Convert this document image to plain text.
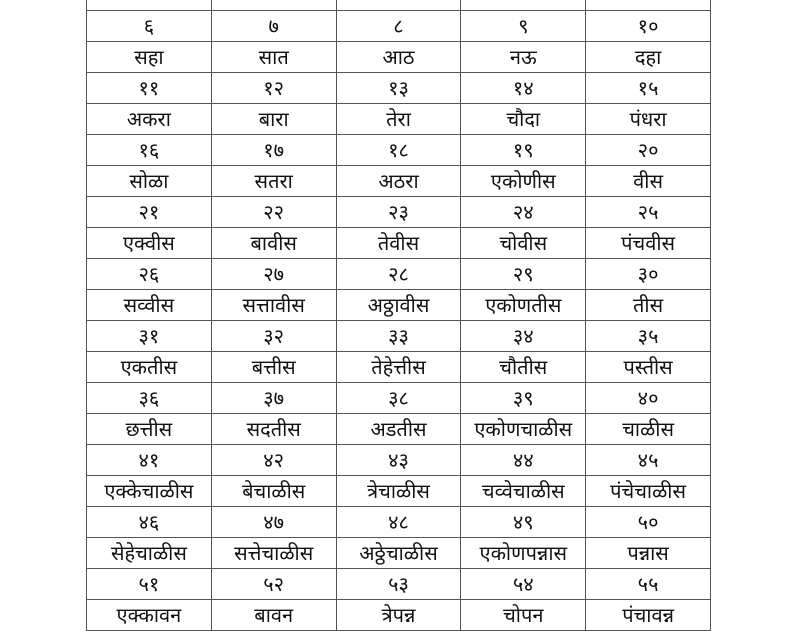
६	७	८	९	१०
सहा	सात	आठ	नऊ	दहा
११	१२	१३	१४	१५
अकरा	बारा	तेरा	चौदा	पंधरा
१६	१७	१८	१९	२०
सोळा	सतरा	अठरा	एकोणीस	वीस
२१	२२	२३	२४	२५
एक्वीस	बावीस	तेवीस	चोवीस	पंचवीस
२६	२७	२८	२९	३०
सव्वीस	सत्तावीस	अठ्ठावीस	एकोणतीस	तीस
३१	३२	३३	३४	३५
एकतीस	बत्तीस	तेहेत्तीस	चौतीस	पस्तीस
३६	३७	३८	३९	४०
छत्तीस	सदतीस	अडतीस	एकोणचाळीस	चाळीस
४१	४२	४३	४४	४५
एक्केचाळीस	बेचाळीस	त्रेचाळीस	चव्वेचाळीस	पंचेचाळीस
४६	४७	४८	४९	५०
सेहेचाळीस	सत्तेचाळीस	अठ्ठेचाळीस	एकोणपन्नास	पन्नास
५१	५२	५३	५४	५५
एक्कावन	बावन	त्रेपन्न	चोपन	पंचावन्न
